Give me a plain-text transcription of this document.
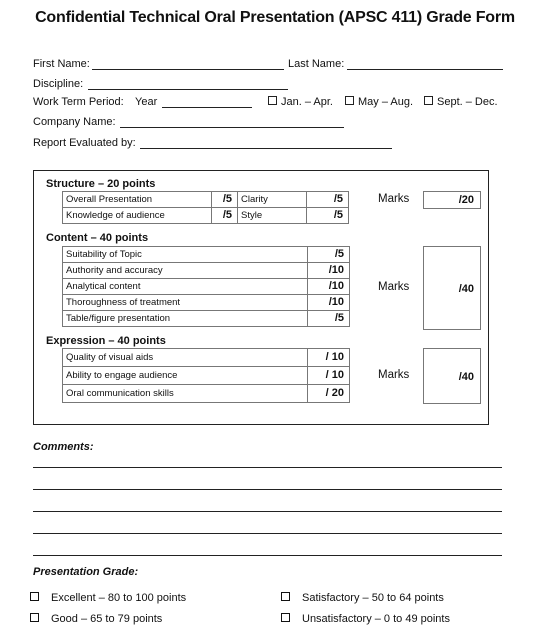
Confidential Technical Oral Presentation (APSC 411) Grade Form
First Name:	Last Name:
Discipline:
Work Term Period: Year	Jan. – Apr.	May – Aug.	Sept. – Dec.
Company Name:
Report Evaluated by:
Structure – 20 points
Overall Presentation	/5	Clarity	/5
Knowledge of audience	/5	Style	/5
Marks	/20
Content – 40 points
Suitability of Topic	/5
Authority and accuracy	/10
Analytical content	/10
Thoroughness of treatment	/10
Table/figure presentation	/5
Marks	/40
Expression – 40 points
Quality of visual aids	/ 10
Ability to engage audience	/ 10
Oral communication skills	/ 20
Marks	/40
Comments:
Presentation Grade:
Excellent – 80 to 100 points
Good – 65 to 79 points
Satisfactory – 50 to 64 points
Unsatisfactory – 0 to 49 points
